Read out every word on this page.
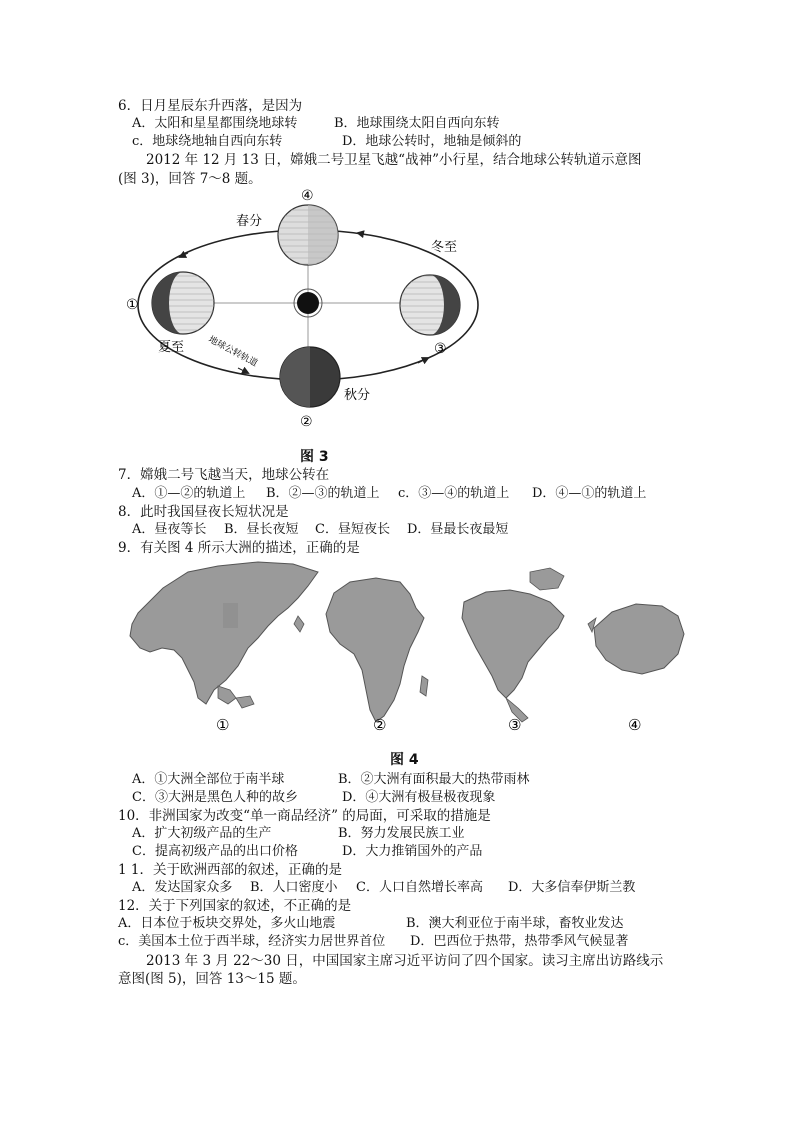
6．日月星辰东升西落，是因为
A．太阳和星星都围绕地球转	B．地球围绕太阳自西向东转
c．地球绕地轴自西向东转	D．地球公转时，地轴是倾斜的
2012 年 12 月 13 日，嫦娥二号卫星飞越“战神”小行星，结合地球公转轨道示意图
(图 3)，回答 7～8 题。
④
春分
冬至
①
夏至	③
秋分
②
地球公转轨道
图 3
7．嫦娥二号飞越当天，地球公转在
A．①—②的轨道上 B．②—③的轨道上 c．③—④的轨道上 D．④—①的轨道上
8．此时我国昼夜长短状况是
A．昼夜等长 B．昼长夜短 C．昼短夜长 D．昼最长夜最短
9．有关图 4 所示大洲的描述，正确的是
①	②	③	④
图 4
A．①大洲全部位于南半球	B．②大洲有面积最大的热带雨林
C．③大洲是黑色人种的故乡	D．④大洲有极昼极夜现象
10．非洲国家为改变“单一商品经济” 的局面，可采取的措施是
A．扩大初级产品的生产	B．努力发展民族工业
C．提高初级产品的出口价格	D．大力推销国外的产品
1 1．关于欧洲西部的叙述，正确的是
A．发达国家众多 B．人口密度小 C．人口自然增长率高 D．大多信奉伊斯兰教
12．关于下列国家的叙述，不正确的是
A．日本位于板块交界处，多火山地震	B．澳大利亚位于南半球，畜牧业发达
c．美国本土位于西半球，经济实力居世界首位 D．巴西位于热带，热带季风气候显著
2013 年 3 月 22～30 日，中国国家主席习近平访问了四个国家。读习主席出访路线示
意图(图 5)，回答 13～15 题。
